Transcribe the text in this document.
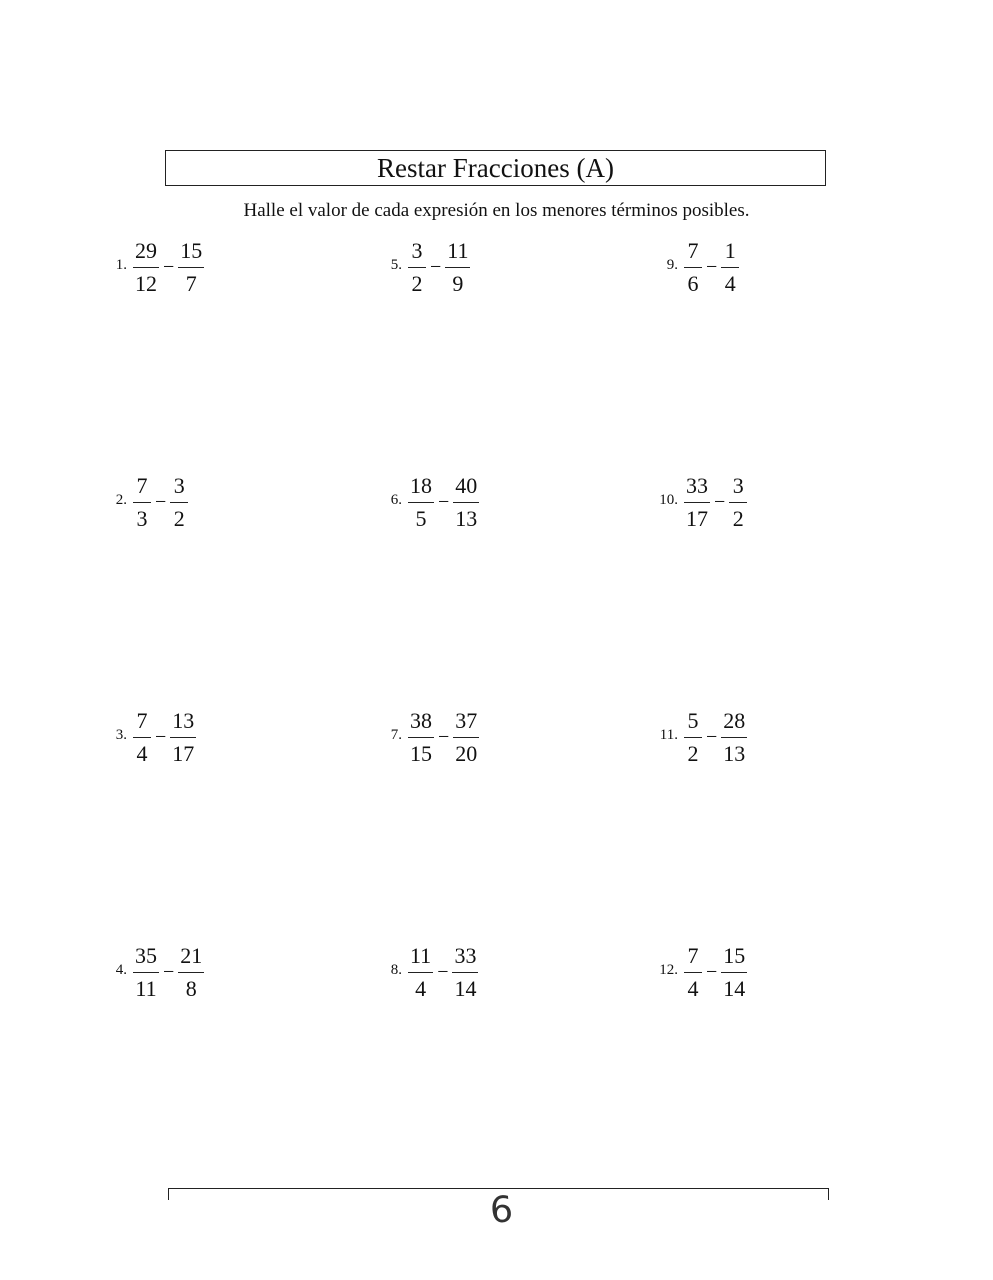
Restar Fracciones (A)
Halle el valor de cada expresión en los menores términos posibles.
1. $\frac{29}{12} - \frac{15}{7}$
2. $\frac{7}{3} - \frac{3}{2}$
3. $\frac{7}{4} - \frac{13}{17}$
4. $\frac{35}{11} - \frac{21}{8}$
5. $\frac{3}{2} - \frac{11}{9}$
6. $\frac{18}{5} - \frac{40}{13}$
7. $\frac{38}{15} - \frac{37}{20}$
8. $\frac{11}{4} - \frac{33}{14}$
9. $\frac{7}{6} - \frac{1}{4}$
10. $\frac{33}{17} - \frac{3}{2}$
11. $\frac{5}{2} - \frac{28}{13}$
12. $\frac{7}{4} - \frac{15}{14}$
6
